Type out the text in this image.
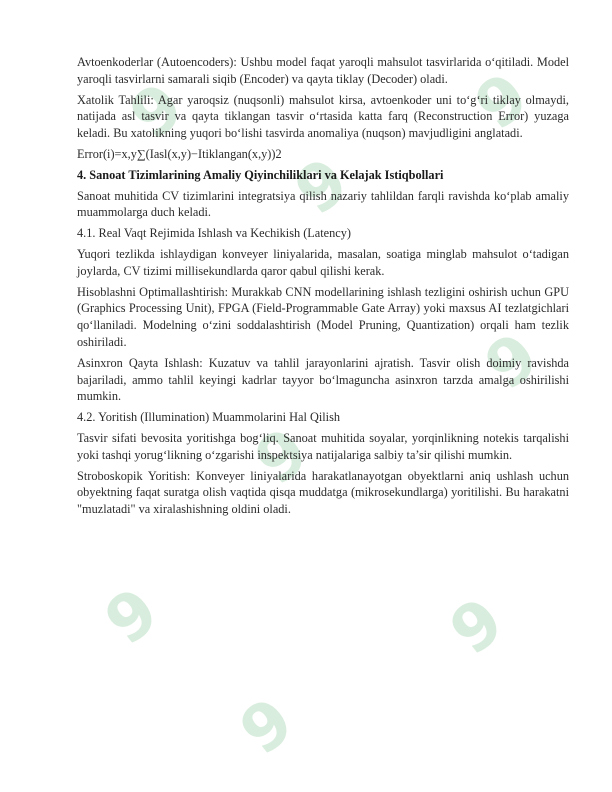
9
9
9
9
9
9
9
9

Avtoenkoderlar (Autoencoders): Ushbu model faqat yaroqli mahsulot tasvirlarida o‘qitiladi. Model yaroqli tasvirlarni samarali siqib (Encoder) va qayta tiklay (Decoder) oladi.

Xatolik Tahlili: Agar yaroqsiz (nuqsonli) mahsulot kirsa, avtoenkoder uni to‘g‘ri tiklay olmaydi, natijada asl tasvir va qayta tiklangan tasvir o‘rtasida katta farq (Reconstruction Error) yuzaga keladi. Bu xatolikning yuqori bo‘lishi tasvirda anomaliya (nuqson) mavjudligini anglatadi.

Error(i)=x,y∑(Iasl(x,y)−Itiklangan(x,y))2

4. Sanoat Tizimlarining Amaliy Qiyinchiliklari va Kelajak Istiqbollari

Sanoat muhitida CV tizimlarini integratsiya qilish nazariy tahlildan farqli ravishda ko‘plab amaliy muammolarga duch keladi.

4.1. Real Vaqt Rejimida Ishlash va Kechikish (Latency)

Yuqori tezlikda ishlaydigan konveyer liniyalarida, masalan, soatiga minglab mahsulot o‘tadigan joylarda, CV tizimi millisekundlarda qaror qabul qilishi kerak.

Hisoblashni Optimallashtirish: Murakkab CNN modellarining ishlash tezligini oshirish uchun GPU (Graphics Processing Unit), FPGA (Field-Programmable Gate Array) yoki maxsus AI tezlatgichlari qo‘llaniladi. Modelning o‘zini soddalashtirish (Model Pruning, Quantization) orqali ham tezlik oshiriladi.

Asinxron Qayta Ishlash: Kuzatuv va tahlil jarayonlarini ajratish. Tasvir olish doimiy ravishda bajariladi, ammo tahlil keyingi kadrlar tayyor bo‘lmaguncha asinxron tarzda amalga oshirilishi mumkin.

4.2. Yoritish (Illumination) Muammolarini Hal Qilish

Tasvir sifati bevosita yoritishga bog‘liq. Sanoat muhitida soyalar, yorqinlikning notekis tarqalishi yoki tashqi yorug‘likning o‘zgarishi inspektsiya natijalariga salbiy ta’sir qilishi mumkin.

Stroboskopik Yoritish: Konveyer liniyalarida harakatlanayotgan obyektlarni aniq ushlash uchun obyektning faqat suratga olish vaqtida qisqa muddatga (mikrosekundlarga) yoritilishi. Bu harakatni "muzlatadi" va xiralashishning oldini oladi.
